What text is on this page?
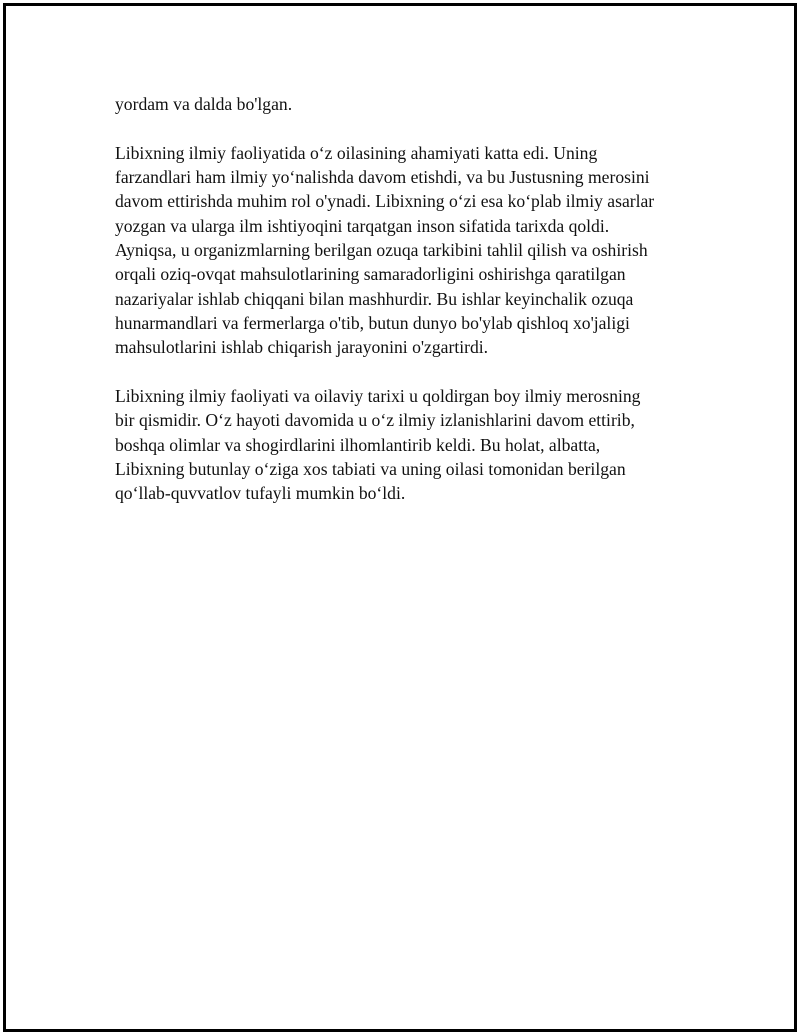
yordam va dalda bo'lgan.

Libixning ilmiy faoliyatida o‘z oilasining ahamiyati katta edi. Uning
farzandlari ham ilmiy yo‘nalishda davom etishdi, va bu Justusning merosini
davom ettirishda muhim rol o'ynadi. Libixning o‘zi esa ko‘plab ilmiy asarlar
yozgan va ularga ilm ishtiyoqini tarqatgan inson sifatida tarixda qoldi.
Ayniqsa, u organizmlarning berilgan ozuqa tarkibini tahlil qilish va oshirish
orqali oziq-ovqat mahsulotlarining samaradorligini oshirishga qaratilgan
nazariyalar ishlab chiqqani bilan mashhurdir. Bu ishlar keyinchalik ozuqa
hunarmandlari va fermerlarga o'tib, butun dunyo bo'ylab qishloq xo'jaligi
mahsulotlarini ishlab chiqarish jarayonini o'zgartirdi.

Libixning ilmiy faoliyati va oilaviy tarixi u qoldirgan boy ilmiy merosning
bir qismidir. O‘z hayoti davomida u o‘z ilmiy izlanishlarini davom ettirib,
boshqa olimlar va shogirdlarini ilhomlantirib keldi. Bu holat, albatta,
Libixning butunlay o‘ziga xos tabiati va uning oilasi tomonidan berilgan
qo‘llab-quvvatlov tufayli mumkin bo‘ldi.
